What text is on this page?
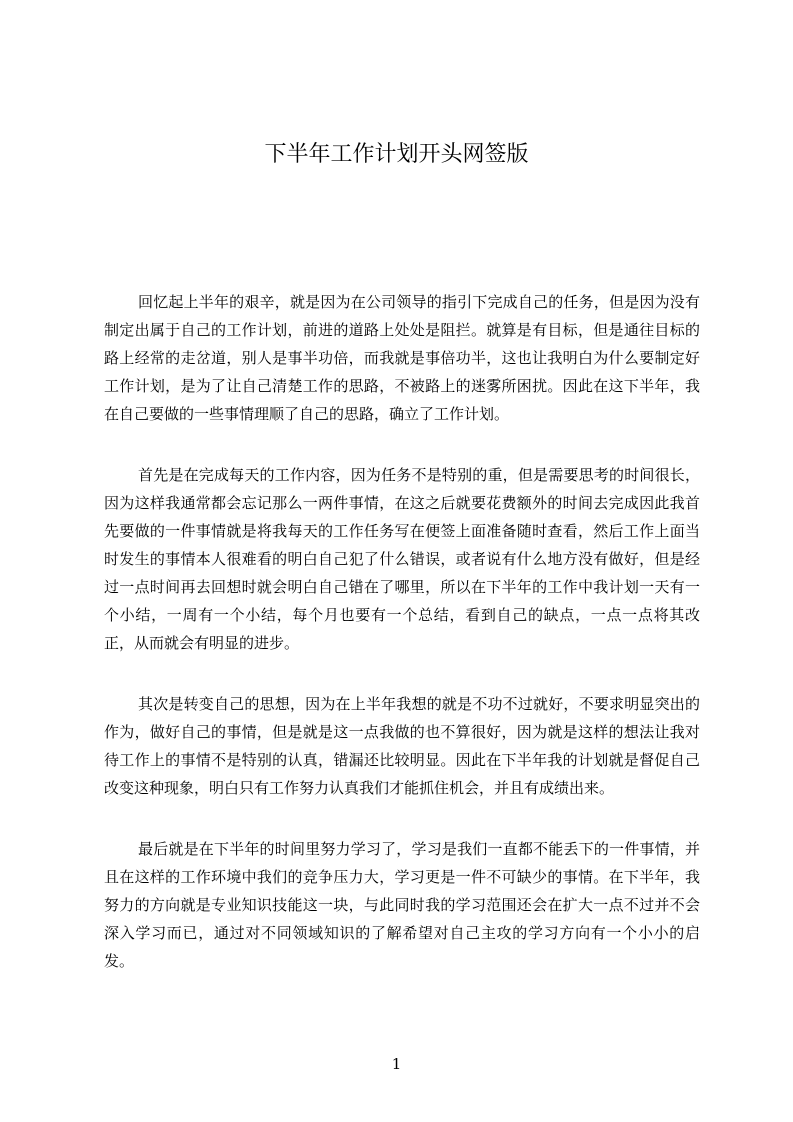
下半年工作计划开头网签版

回忆起上半年的艰辛，就是因为在公司领导的指引下完成自己的任务，但是因为没有制定出属于自己的工作计划，前进的道路上处处是阻拦。就算是有目标，但是通往目标的路上经常的走岔道，别人是事半功倍，而我就是事倍功半，这也让我明白为什么要制定好工作计划，是为了让自己清楚工作的思路，不被路上的迷雾所困扰。因此在这下半年，我在自己要做的一些事情理顺了自己的思路，确立了工作计划。

首先是在完成每天的工作内容，因为任务不是特别的重，但是需要思考的时间很长，因为这样我通常都会忘记那么一两件事情，在这之后就要花费额外的时间去完成因此我首先要做的一件事情就是将我每天的工作任务写在便签上面准备随时查看，然后工作上面当时发生的事情本人很难看的明白自己犯了什么错误，或者说有什么地方没有做好，但是经过一点时间再去回想时就会明白自己错在了哪里，所以在下半年的工作中我计划一天有一个小结，一周有一个小结，每个月也要有一个总结，看到自己的缺点，一点一点将其改正，从而就会有明显的进步。

其次是转变自己的思想，因为在上半年我想的就是不功不过就好，不要求明显突出的作为，做好自己的事情，但是就是这一点我做的也不算很好，因为就是这样的想法让我对待工作上的事情不是特别的认真，错漏还比较明显。因此在下半年我的计划就是督促自己改变这种现象，明白只有工作努力认真我们才能抓住机会，并且有成绩出来。

最后就是在下半年的时间里努力学习了，学习是我们一直都不能丢下的一件事情，并且在这样的工作环境中我们的竞争压力大，学习更是一件不可缺少的事情。在下半年，我努力的方向就是专业知识技能这一块，与此同时我的学习范围还会在扩大一点不过并不会深入学习而已，通过对不同领域知识的了解希望对自己主攻的学习方向有一个小小的启发。

1
